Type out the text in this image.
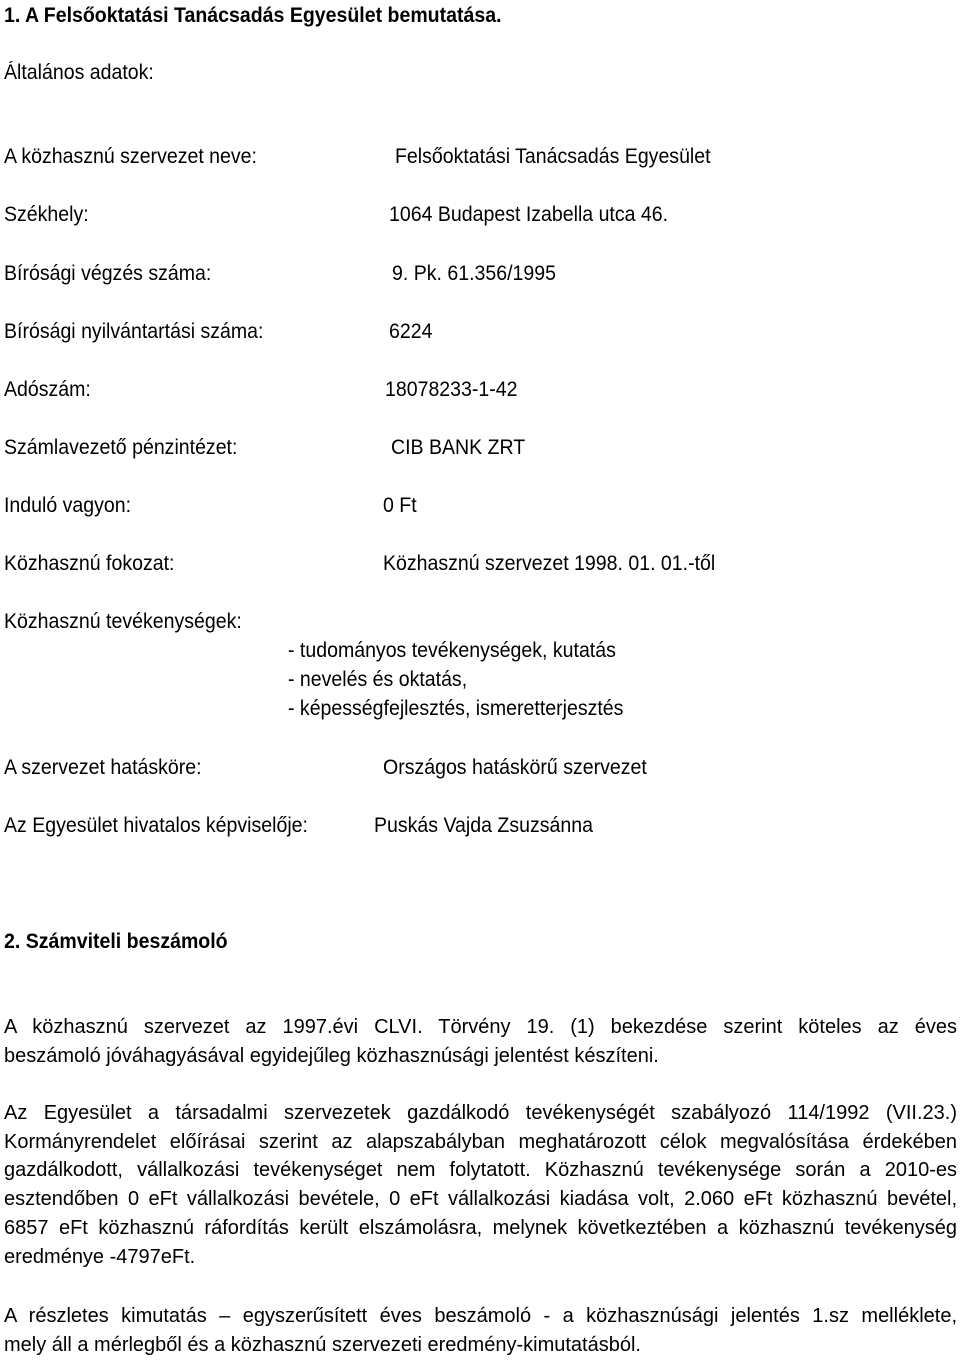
1. A Felsőoktatási Tanácsadás Egyesület bemutatása.
Általános adatok:
A közhasznú szervezet neve:	Felsőoktatási Tanácsadás Egyesület
Székhely:	1064 Budapest Izabella utca 46.
Bírósági végzés száma:	9. Pk. 61.356/1995
Bírósági nyilvántartási száma:	6224
Adószám:	18078233-1-42
Számlavezető pénzintézet:	CIB BANK ZRT
Induló vagyon:	0 Ft
Közhasznú fokozat:	Közhasznú szervezet 1998. 01. 01.-től
Közhasznú tevékenységek:
- tudományos tevékenységek, kutatás
- nevelés és oktatás,
- képességfejlesztés, ismeretterjesztés
A szervezet hatásköre:	Országos hatáskörű szervezet
Az Egyesület hivatalos képviselője:	Puskás Vajda Zsuzsánna
2. Számviteli beszámoló
A közhasznú szervezet az 1997.évi CLVI. Törvény 19. (1) bekezdése szerint köteles az éves
beszámoló jóváhagyásával egyidejűleg közhasznúsági jelentést készíteni.
Az Egyesület a társadalmi szervezetek gazdálkodó tevékenységét szabályozó 114/1992 (VII.23.)
Kormányrendelet előírásai szerint az alapszabályban meghatározott célok megvalósítása érdekében
gazdálkodott, vállalkozási tevékenységet nem folytatott. Közhasznú tevékenysége során a 2010-es
esztendőben 0 eFt vállalkozási bevétele, 0 eFt vállalkozási kiadása volt, 2.060 eFt közhasznú bevétel,
6857 eFt közhasznú ráfordítás került elszámolásra, melynek következtében a közhasznú tevékenység
eredménye -4797eFt.
A részletes kimutatás – egyszerűsített éves beszámoló - a közhasznúsági jelentés 1.sz melléklete,
mely áll a mérlegből és a közhasznú szervezeti eredmény-kimutatásból.
